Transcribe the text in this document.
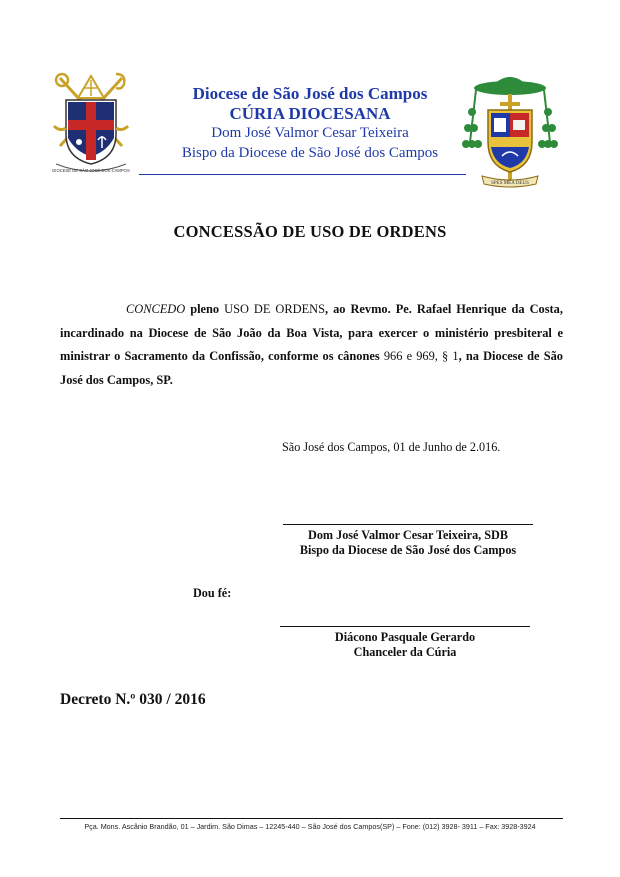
DIOCESE DE SÃO JOSÉ DOS CAMPOS
Diocese de São José dos Campos
CÚRIA DIOCESANA
Dom José Valmor Cesar Teixeira
Bispo da Diocese de São José dos Campos
SPES MEA DEUS
CONCESSÃO DE USO DE ORDENS
CONCEDO pleno USO DE ORDENS, ao Revmo. Pe. Rafael Henrique da Costa, incardinado na Diocese de São João da Boa Vista, para exercer o ministério presbiteral e ministrar o Sacramento da Confissão, conforme os cânones 966 e 969, § 1, na Diocese de São José dos Campos, SP.
São José dos Campos, 01 de Junho de 2.016.
Dom José Valmor Cesar Teixeira, SDB
Bispo da Diocese de São José dos Campos
Dou fé:
Diácono Pasquale Gerardo
Chanceler da Cúria
Decreto N.º 030 / 2016
Pça. Mons. Ascânio Brandão, 01 – Jardim. São Dimas – 12245-440 – São José dos Campos(SP) – Fone: (012) 3928- 3911 – Fax: 3928-3924
